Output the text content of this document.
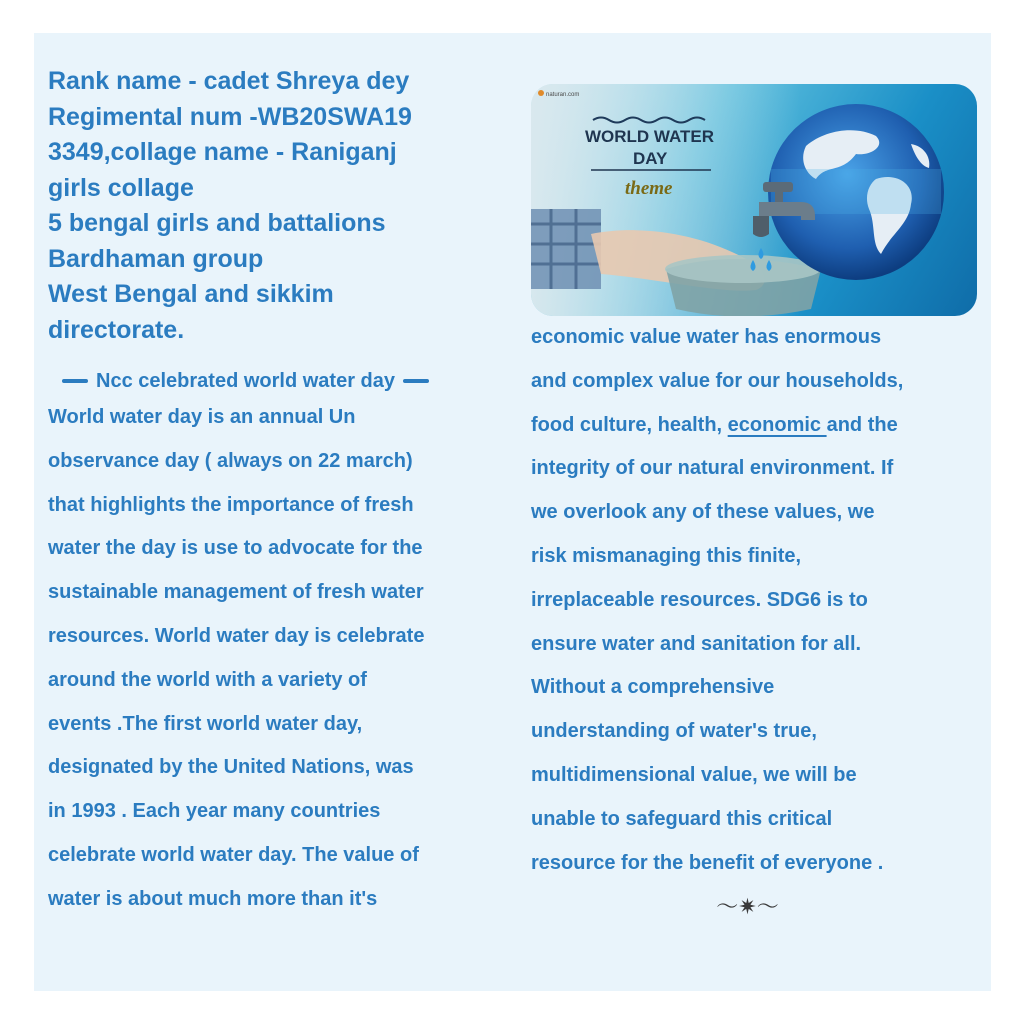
Rank name - cadet Shreya dey
Regimental num -WB20SWA19
3349,collage name - Raniganj
girls collage
5 bengal girls and battalions
Bardhaman group
West Bengal and sikkim
directorate.
Ncc celebrated world water day
World water day is an annual Un
observance day ( always on 22 march)
that highlights the importance of fresh
water the day is use to advocate for the
sustainable management of fresh water
resources. World water day is celebrate
around the world with a variety of
events .The first world water day,
designated by the United Nations, was
in 1993 . Each year many countries
celebrate world water day. The value of
water is about much more than it's
WORLD WATER
DAY
theme
naturan.com
economic value water has enormous
and complex value for our households,
food culture, health, economic and the
integrity of our natural environment. If
we overlook any of these values, we
risk mismanaging this finite,
irreplaceable resources. SDG6 is to
ensure water and sanitation for all.
Without a comprehensive
understanding of water's true,
multidimensional value, we will be
unable to safeguard this critical
resource for the benefit of everyone .
〜✷〜
